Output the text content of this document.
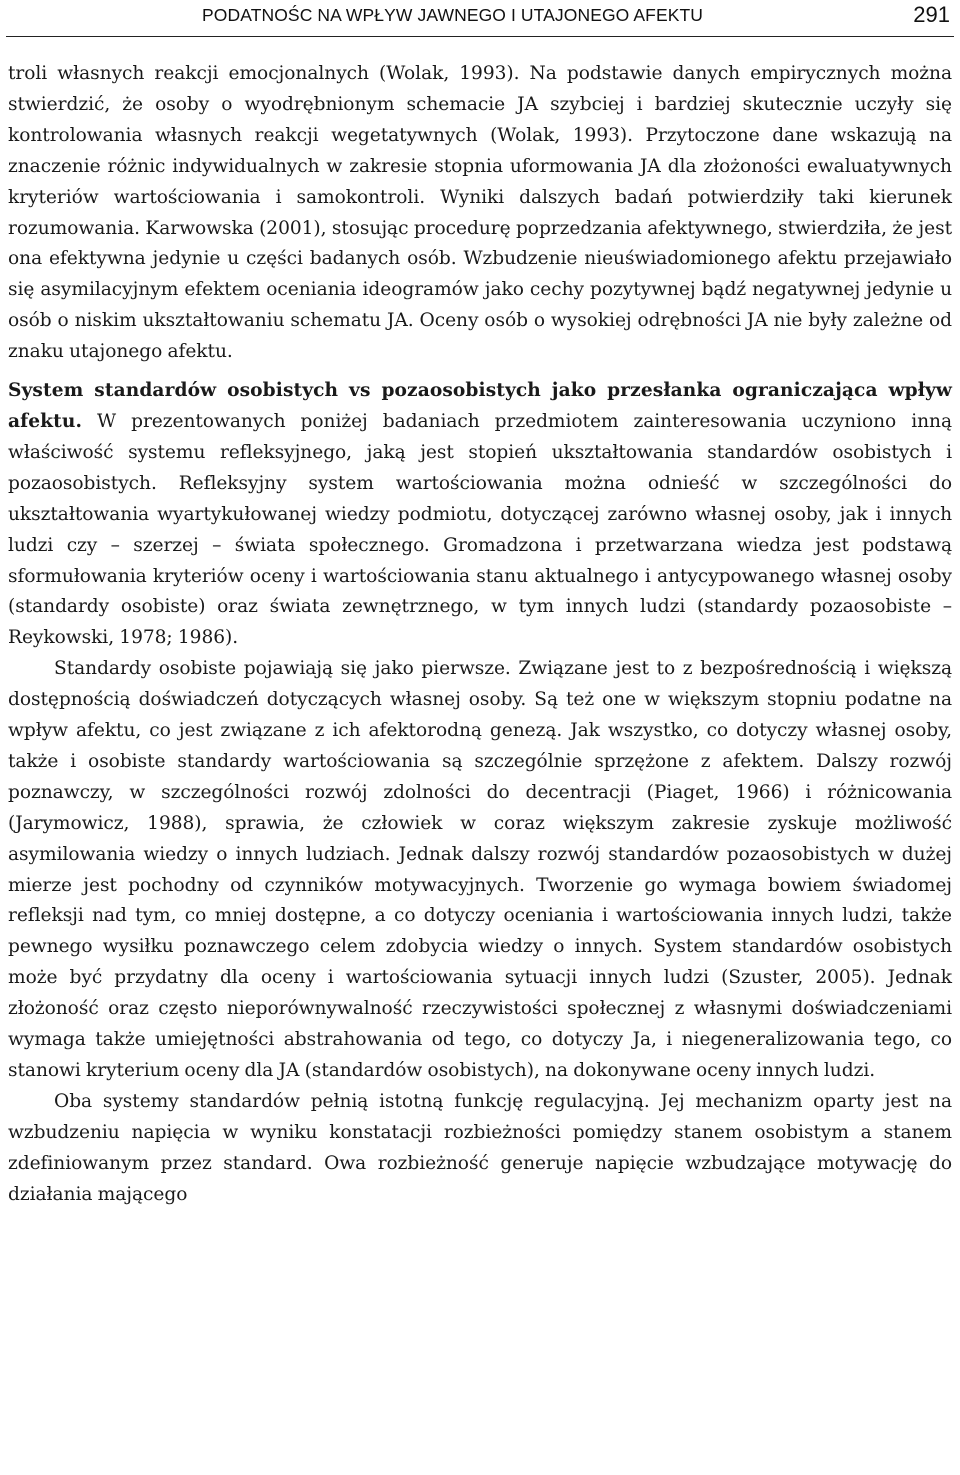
PODATNOŚC NA WPŁYW JAWNEGO I UTAJONEGO AFEKTU	291

troli własnych reakcji emocjonalnych (Wolak, 1993). Na podstawie danych empirycznych można stwierdzić, że osoby o wyodrębnionym schemacie JA szybciej i bardziej skutecznie uczyły się kontrolowania własnych reakcji wegetatywnych (Wolak, 1993). Przytoczone dane wskazują na znaczenie różnic indywidualnych w zakresie stopnia uformowania JA dla złożoności ewaluatywnych kryteriów wartościowania i samokontroli. Wyniki dalszych badań potwierdziły taki kierunek rozumowania. Karwowska (2001), stosując procedurę poprzedzania afektywnego, stwierdziła, że jest ona efektywna jedynie u części badanych osób. Wzbudzenie nieuświadomionego afektu przejawiało się asymilacyjnym efektem oceniania ideogramów jako cechy pozytywnej bądź negatywnej jedynie u osób o niskim ukształtowaniu schematu JA. Oceny osób o wysokiej odrębności JA nie były zależne od znaku utajonego afektu.

System standardów osobistych vs pozaosobistych jako przesłanka ograniczająca wpływ afektu. W prezentowanych poniżej badaniach przedmiotem zainteresowania uczyniono inną właściwość systemu refleksyjnego, jaką jest stopień ukształtowania standardów osobistych i pozaosobistych. Refleksyjny system wartościowania można odnieść w szczególności do ukształtowania wyartykułowanej wiedzy podmiotu, dotyczącej zarówno własnej osoby, jak i innych ludzi czy – szerzej – świata społecznego. Gromadzona i przetwarzana wiedza jest podstawą sformułowania kryteriów oceny i wartościowania stanu aktualnego i antycypowanego własnej osoby (standardy osobiste) oraz świata zewnętrznego, w tym innych ludzi (standardy pozaosobiste – Reykowski, 1978; 1986).

Standardy osobiste pojawiają się jako pierwsze. Związane jest to z bezpośrednością i większą dostępnością doświadczeń dotyczących własnej osoby. Są też one w większym stopniu podatne na wpływ afektu, co jest związane z ich afektorodną genezą. Jak wszystko, co dotyczy własnej osoby, także i osobiste standardy wartościowania są szczególnie sprzężone z afektem. Dalszy rozwój poznawczy, w szczególności rozwój zdolności do decentracji (Piaget, 1966) i różnicowania (Jarymowicz, 1988), sprawia, że człowiek w coraz większym zakresie zyskuje możliwość asymilowania wiedzy o innych ludziach. Jednak dalszy rozwój standardów pozaosobistych w dużej mierze jest pochodny od czynników motywacyjnych. Tworzenie go wymaga bowiem świadomej refleksji nad tym, co mniej dostępne, a co dotyczy oceniania i wartościowania innych ludzi, także pewnego wysiłku poznawczego celem zdobycia wiedzy o innych. System standardów osobistych może być przydatny dla oceny i wartościowania sytuacji innych ludzi (Szuster, 2005). Jednak złożoność oraz często nieporównywalność rzeczywistości społecznej z własnymi doświadczeniami wymaga także umiejętności abstrahowania od tego, co dotyczy Ja, i niegeneralizowania tego, co stanowi kryterium oceny dla JA (standardów osobistych), na dokonywane oceny innych ludzi.

Oba systemy standardów pełnią istotną funkcję regulacyjną. Jej mechanizm oparty jest na wzbudzeniu napięcia w wyniku konstatacji rozbieżności pomiędzy stanem osobistym a stanem zdefiniowanym przez standard. Owa rozbieżność generuje napięcie wzbudzające motywację do działania mającego
